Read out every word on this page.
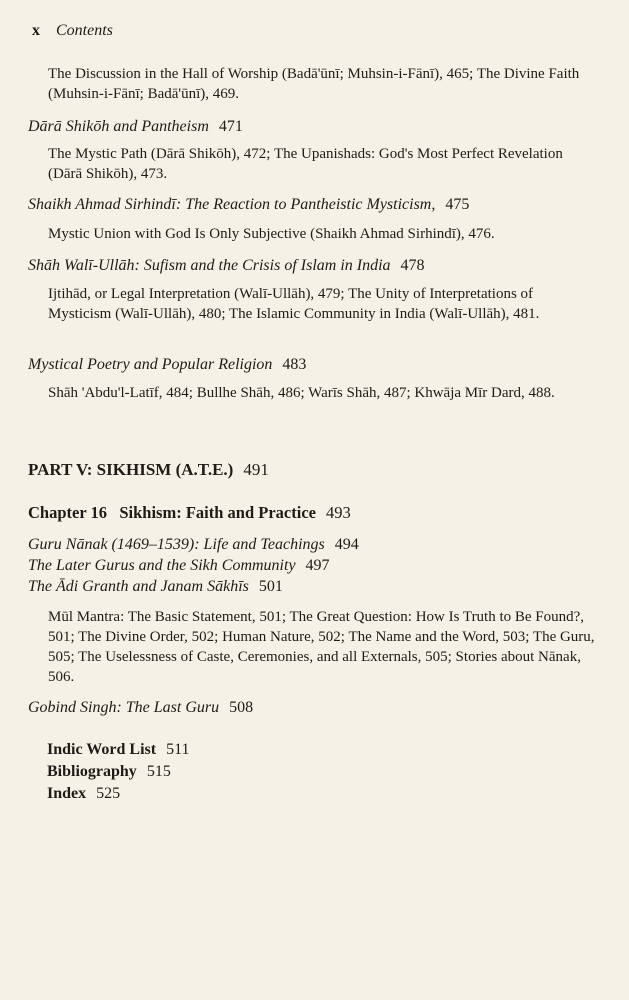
x Contents
The Discussion in the Hall of Worship (Badā'ūnī; Muhsin-i-Fānī), 465; The Divine Faith (Muhsin-i-Fānī; Badā'ūnī), 469.
Dārā Shikōh and Pantheism 471
The Mystic Path (Dārā Shikōh), 472; The Upanishads: God's Most Perfect Revelation (Dārā Shikōh), 473.
Shaikh Ahmad Sirhindī: The Reaction to Pantheistic Mysticism, 475
Mystic Union with God Is Only Subjective (Shaikh Ahmad Sirhindī), 476.
Shāh Walī-Ullāh: Sufism and the Crisis of Islam in India 478
Ijtihād, or Legal Interpretation (Walī-Ullāh), 479; The Unity of Interpretations of Mysticism (Walī-Ullāh), 480; The Islamic Community in India (Walī-Ullāh), 481.
Mystical Poetry and Popular Religion 483
Shāh 'Abdu'l-Latīf, 484; Bullhe Shāh, 486; Warīs Shāh, 487; Khwāja Mīr Dard, 488.
PART V: SIKHISM (A.T.E.) 491
Chapter 16   Sikhism: Faith and Practice 493
Guru Nānak (1469–1539): Life and Teachings 494
The Later Gurus and the Sikh Community 497
The Ādi Granth and Janam Sākhīs 501
Mūl Mantra: The Basic Statement, 501; The Great Question: How Is Truth to Be Found?, 501; The Divine Order, 502; Human Nature, 502; The Name and the Word, 503; The Guru, 505; The Uselessness of Caste, Ceremonies, and all Externals, 505; Stories about Nānak, 506.
Gobind Singh: The Last Guru 508
Indic Word List 511
Bibliography 515
Index 525
